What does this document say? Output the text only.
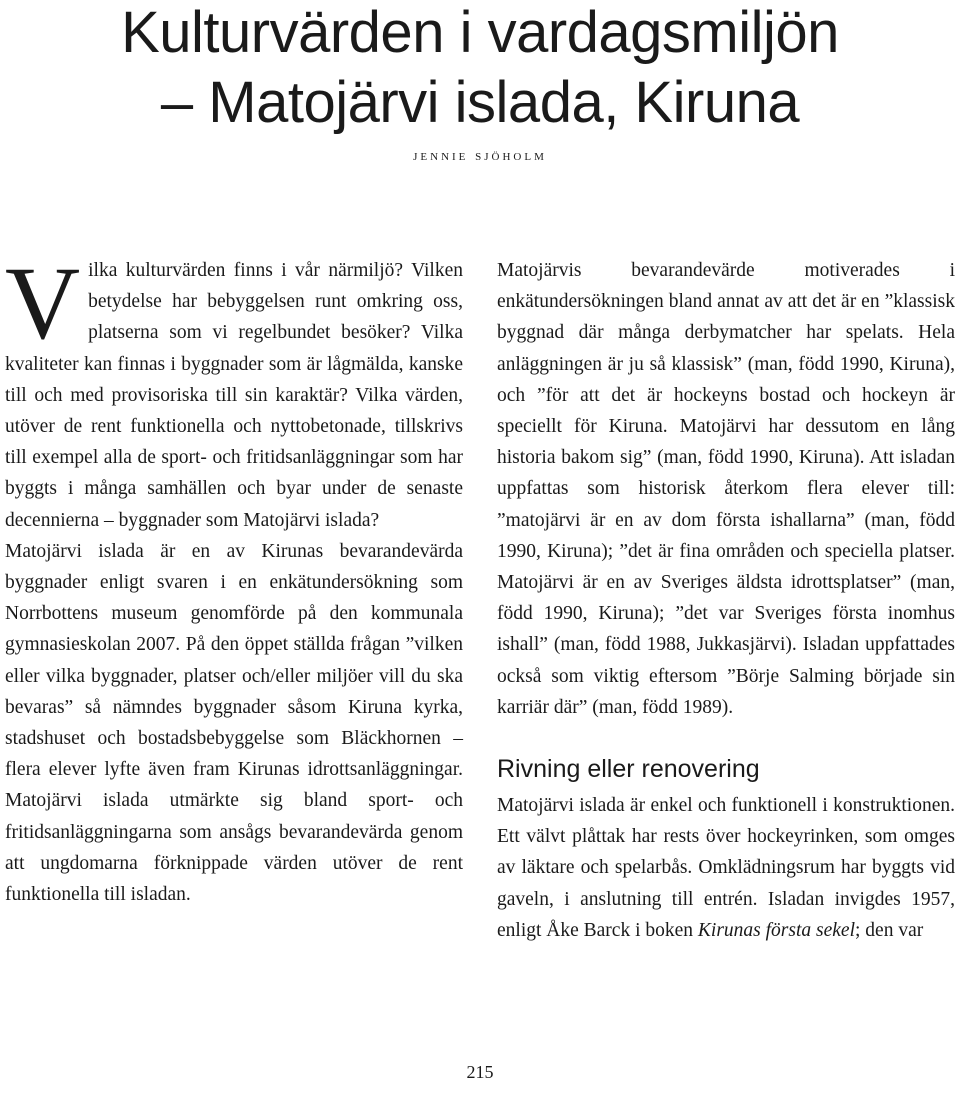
Kulturvärden i vardagsmiljön
– Matojärvi islada, Kiruna
jennie sjöholm

Vilka kulturvärden finns i vår närmiljö? Vilken betydelse har bebyggelsen runt omkring oss, platserna som vi regelbundet besöker? Vilka kvaliteter kan finnas i byggnader som är lågmälda, kanske till och med provisoriska till sin karaktär? Vilka värden, utöver de rent funktionella och nyttobetonade, tillskrivs till exempel alla de sport- och fritidsanläggningar som har byggts i många samhällen och byar under de senaste decennierna – byggnader som Matojärvi islada?

Matojärvi islada är en av Kirunas bevarandevärda byggnader enligt svaren i en enkätundersökning som Norrbottens museum genomförde på den kommunala gymnasieskolan 2007. På den öppet ställda frågan ”vilken eller vilka byggnader, platser och/eller miljöer vill du ska bevaras” så nämndes byggnader såsom Kiruna kyrka, stadshuset och bostadsbebyggelse som Bläckhornen – flera elever lyfte även fram Kirunas idrottsanläggningar. Matojärvi islada utmärkte sig bland sport- och fritidsanläggningarna som ansågs bevarandevärda genom att ungdomarna förknippade värden utöver de rent funktionella till isladan.

Matojärvis bevarandevärde motiverades i enkätundersökningen bland annat av att det är en ”klassisk byggnad där många derbymatcher har spelats. Hela anläggningen är ju så klassisk” (man, född 1990, Kiruna), och ”för att det är hockeyns bostad och hockeyn är speciellt för Kiruna. Matojärvi har dessutom en lång historia bakom sig” (man, född 1990, Kiruna). Att isladan uppfattas som historisk återkom flera elever till: ”matojärvi är en av dom första ishallarna” (man, född 1990, Kiruna); ”det är fina områden och speciella platser. Matojärvi är en av Sveriges äldsta idrottsplatser” (man, född 1990, Kiruna); ”det var Sveriges första inomhus ishall” (man, född 1988, Jukkasjärvi). Isladan uppfattades också som viktig eftersom ”Börje Salming började sin karriär där” (man, född 1989).

Rivning eller renovering

Matojärvi islada är enkel och funktionell i konstruktionen. Ett välvt plåttak har rests över hockeyrinken, som omges av läktare och spelarbås. Omklädningsrum har byggts vid gaveln, i anslutning till entrén. Isladan invigdes 1957, enligt Åke Barck i boken Kirunas första sekel; den var

215
